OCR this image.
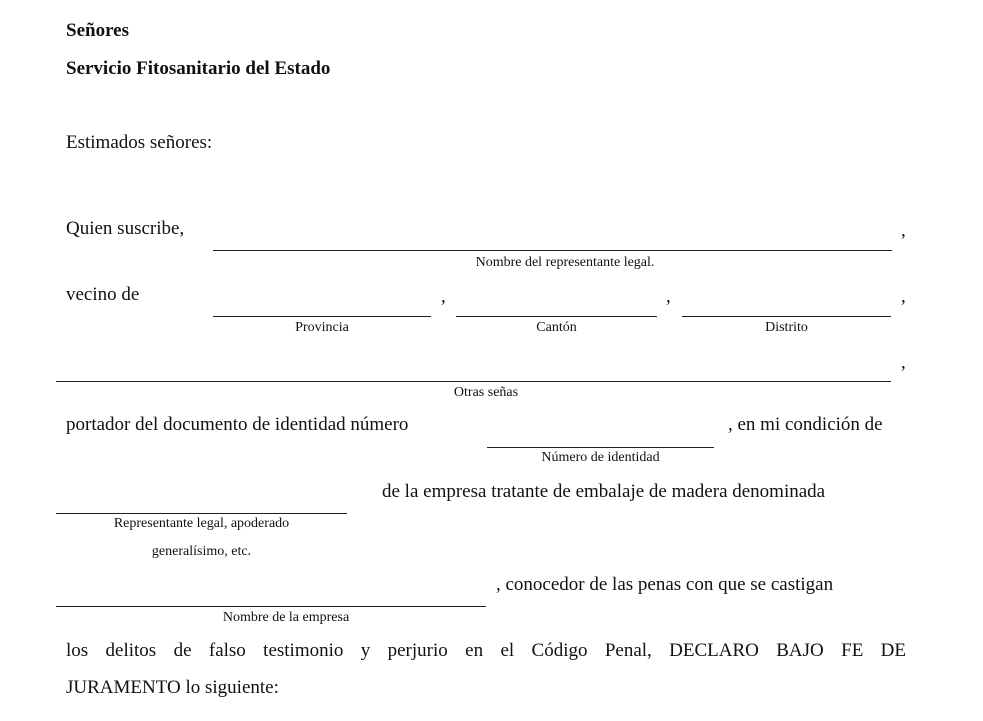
Señores
Servicio Fitosanitario del Estado
Estimados señores:
Quien suscribe,	,
Nombre del representante legal.
vecino de	,	,	,
Provincia	Cantón	Distrito
,
Otras señas
portador del documento de identidad número	, en mi condición de
Número de identidad
de la empresa tratante de embalaje de madera denominada
Representante legal, apoderado
generalísimo, etc.
, conocedor de las penas con que se castigan
Nombre de la empresa
los delitos de falso testimonio y perjurio en el Código Penal, DECLARO BAJO FE DE
JURAMENTO lo siguiente:
